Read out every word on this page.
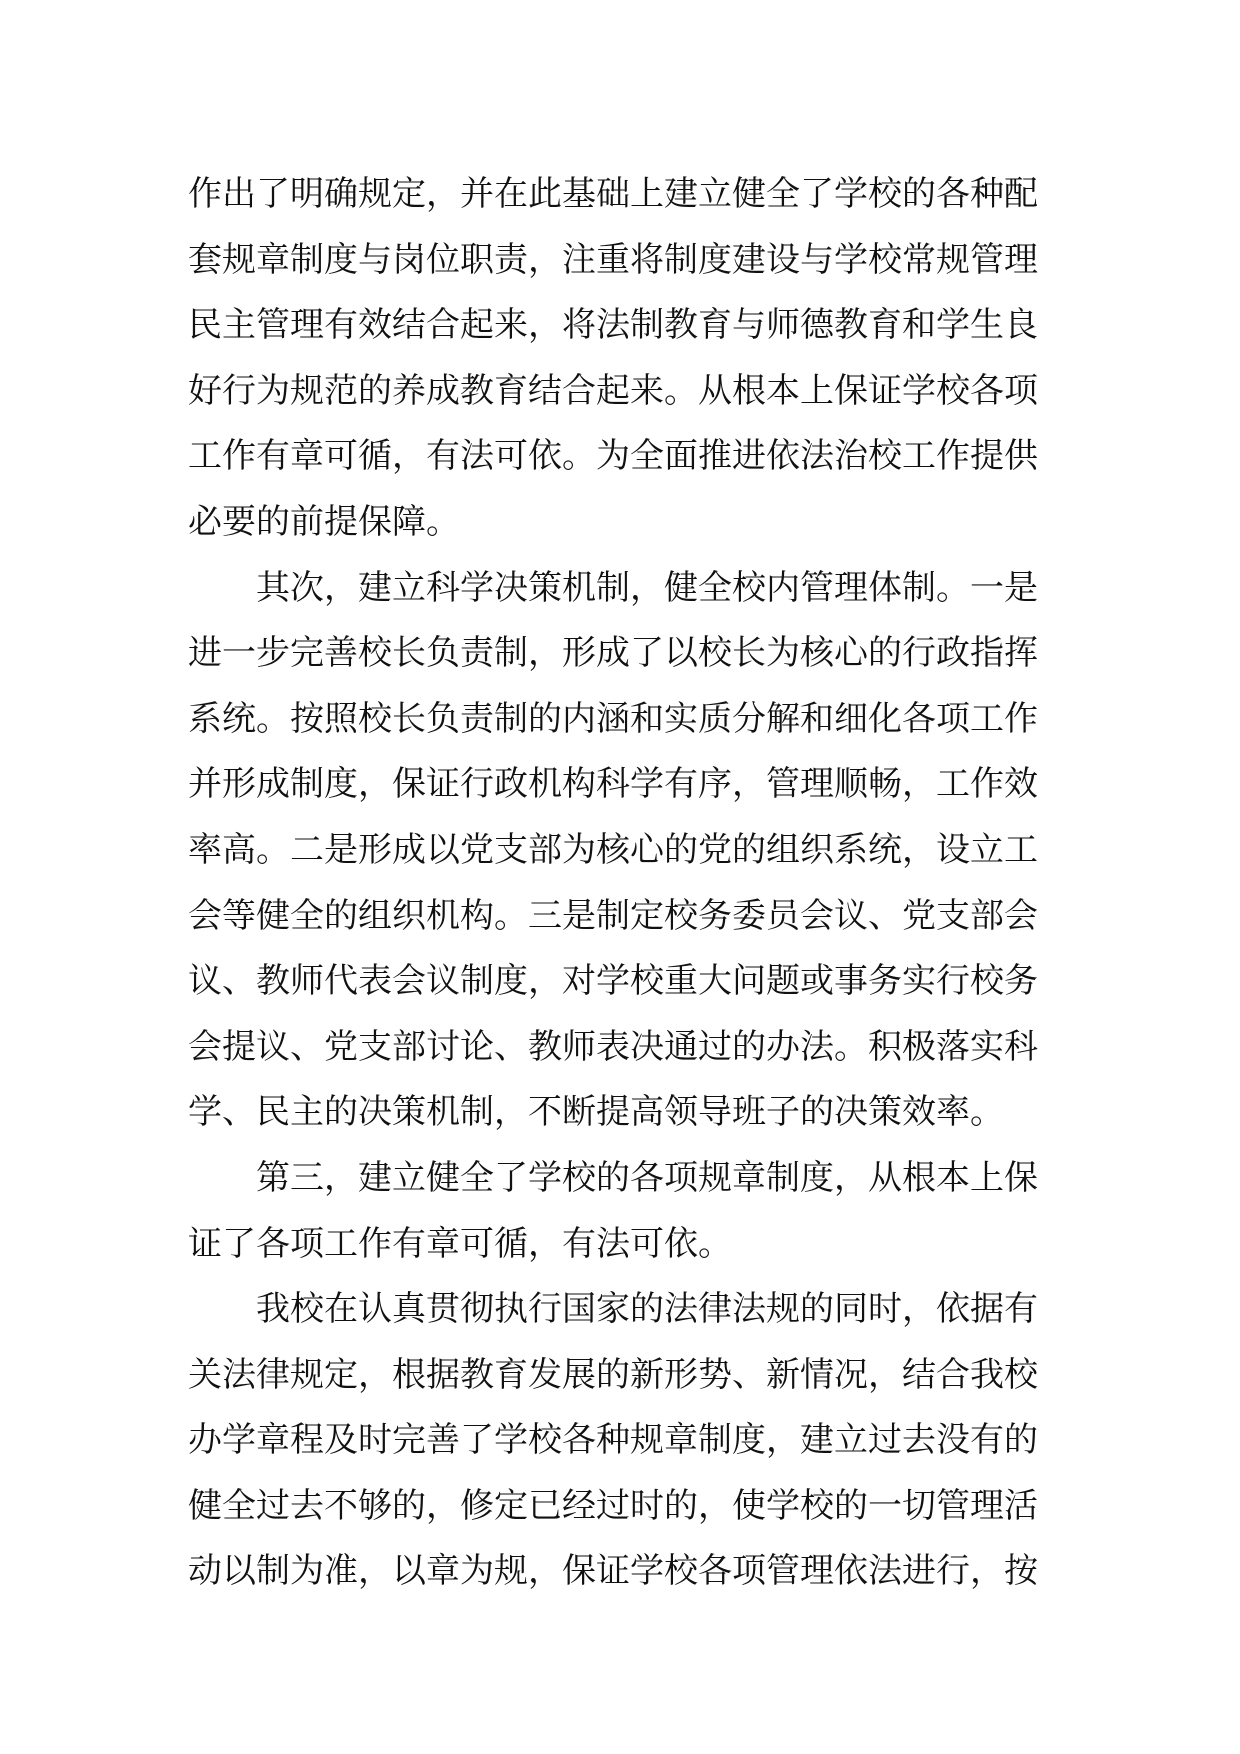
作出了明确规定，并在此基础上建立健全了学校的各种配
套规章制度与岗位职责，注重将制度建设与学校常规管理
民主管理有效结合起来，将法制教育与师德教育和学生良
好行为规范的养成教育结合起来。从根本上保证学校各项
工作有章可循，有法可依。为全面推进依法治校工作提供
必要的前提保障。
其次，建立科学决策机制，健全校内管理体制。一是
进一步完善校长负责制，形成了以校长为核心的行政指挥
系统。按照校长负责制的内涵和实质分解和细化各项工作
并形成制度，保证行政机构科学有序，管理顺畅，工作效
率高。二是形成以党支部为核心的党的组织系统，设立工
会等健全的组织机构。三是制定校务委员会议、党支部会
议、教师代表会议制度，对学校重大问题或事务实行校务
会提议、党支部讨论、教师表决通过的办法。积极落实科
学、民主的决策机制，不断提高领导班子的决策效率。
第三，建立健全了学校的各项规章制度，从根本上保
证了各项工作有章可循，有法可依。
我校在认真贯彻执行国家的法律法规的同时，依据有
关法律规定，根据教育发展的新形势、新情况，结合我校
办学章程及时完善了学校各种规章制度，建立过去没有的
健全过去不够的，修定已经过时的，使学校的一切管理活
动以制为准，以章为规，保证学校各项管理依法进行，按
